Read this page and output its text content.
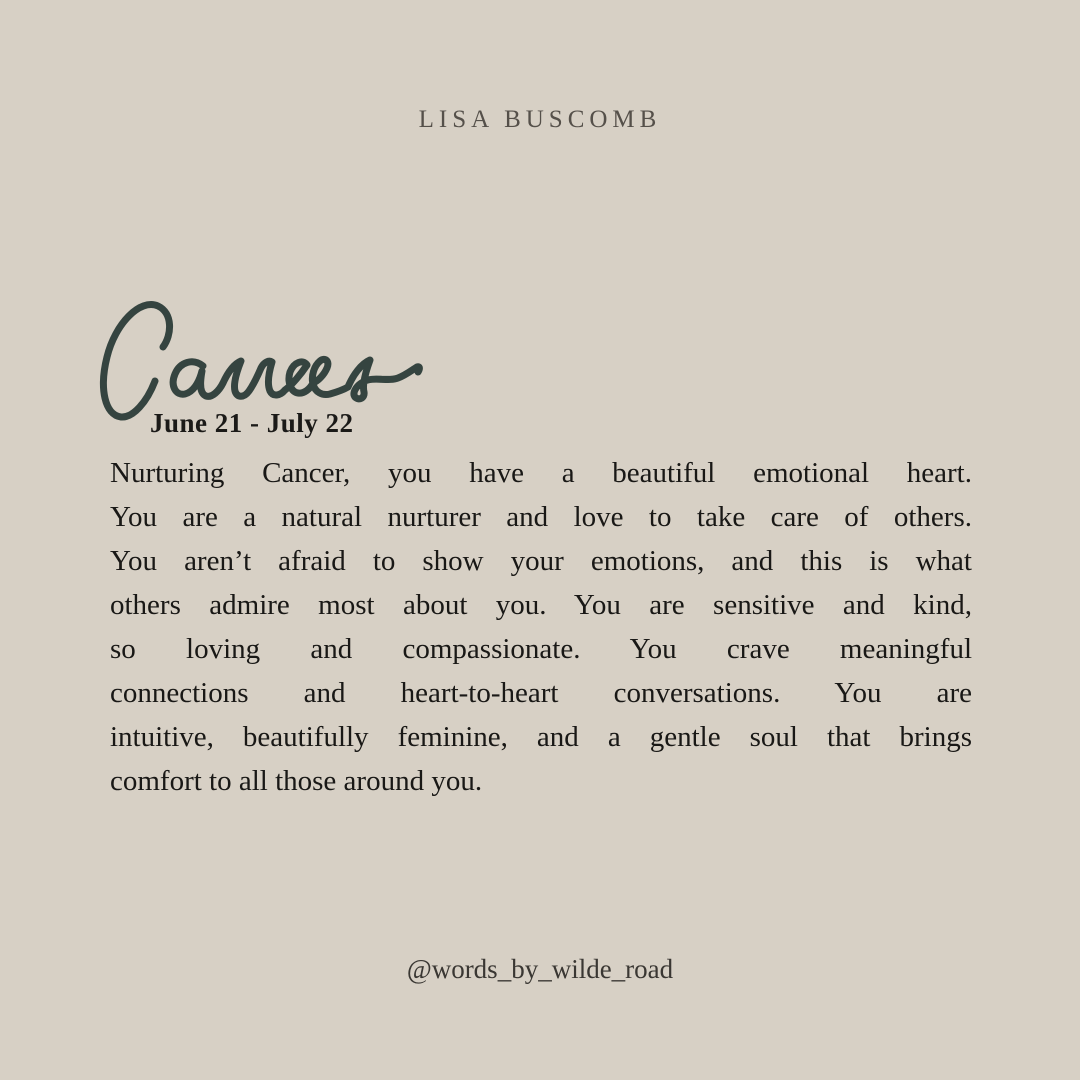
LISA BUSCOMB
June 21 - July 22
Nurturing Cancer, you have a beautiful emotional heart.
You are a natural nurturer and love to take care of others.
You aren’t afraid to show your emotions, and this is what
others admire most about you. You are sensitive and kind,
so loving and compassionate. You crave meaningful
connections and heart-to-heart conversations. You are
intuitive, beautifully feminine, and a gentle soul that brings
comfort to all those around you.
@words_by_wilde_road
